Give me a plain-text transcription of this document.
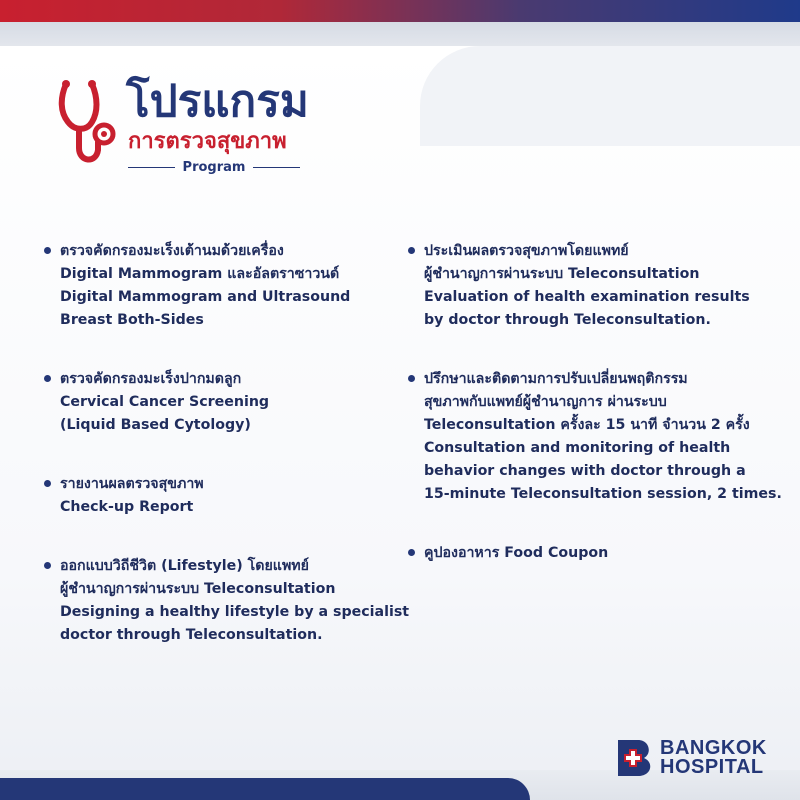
โปรแกรม
การตรวจสุขภาพ
Program
ตรวจคัดกรองมะเร็งเต้านมด้วยเครื่อง
Digital Mammogram และอัลตราซาวนด์
Digital Mammogram and Ultrasound
Breast Both-Sides
ตรวจคัดกรองมะเร็งปากมดลูก
Cervical Cancer Screening
(Liquid Based Cytology)
รายงานผลตรวจสุขภาพ
Check-up Report
ออกแบบวิถีชีวิต (Lifestyle) โดยแพทย์
ผู้ชำนาญการผ่านระบบ Teleconsultation
Designing a healthy lifestyle by a specialist
doctor through Teleconsultation.
ประเมินผลตรวจสุขภาพโดยแพทย์
ผู้ชำนาญการผ่านระบบ Teleconsultation
Evaluation of health examination results
by doctor through Teleconsultation.
ปรึกษาและติดตามการปรับเปลี่ยนพฤติกรรม
สุขภาพกับแพทย์ผู้ชำนาญการ ผ่านระบบ
Teleconsultation ครั้งละ 15 นาที จำนวน 2 ครั้ง
Consultation and monitoring of health
behavior changes with doctor through a
15-minute Teleconsultation session, 2 times.
คูปองอาหาร Food Coupon
BANGKOK
HOSPITAL
